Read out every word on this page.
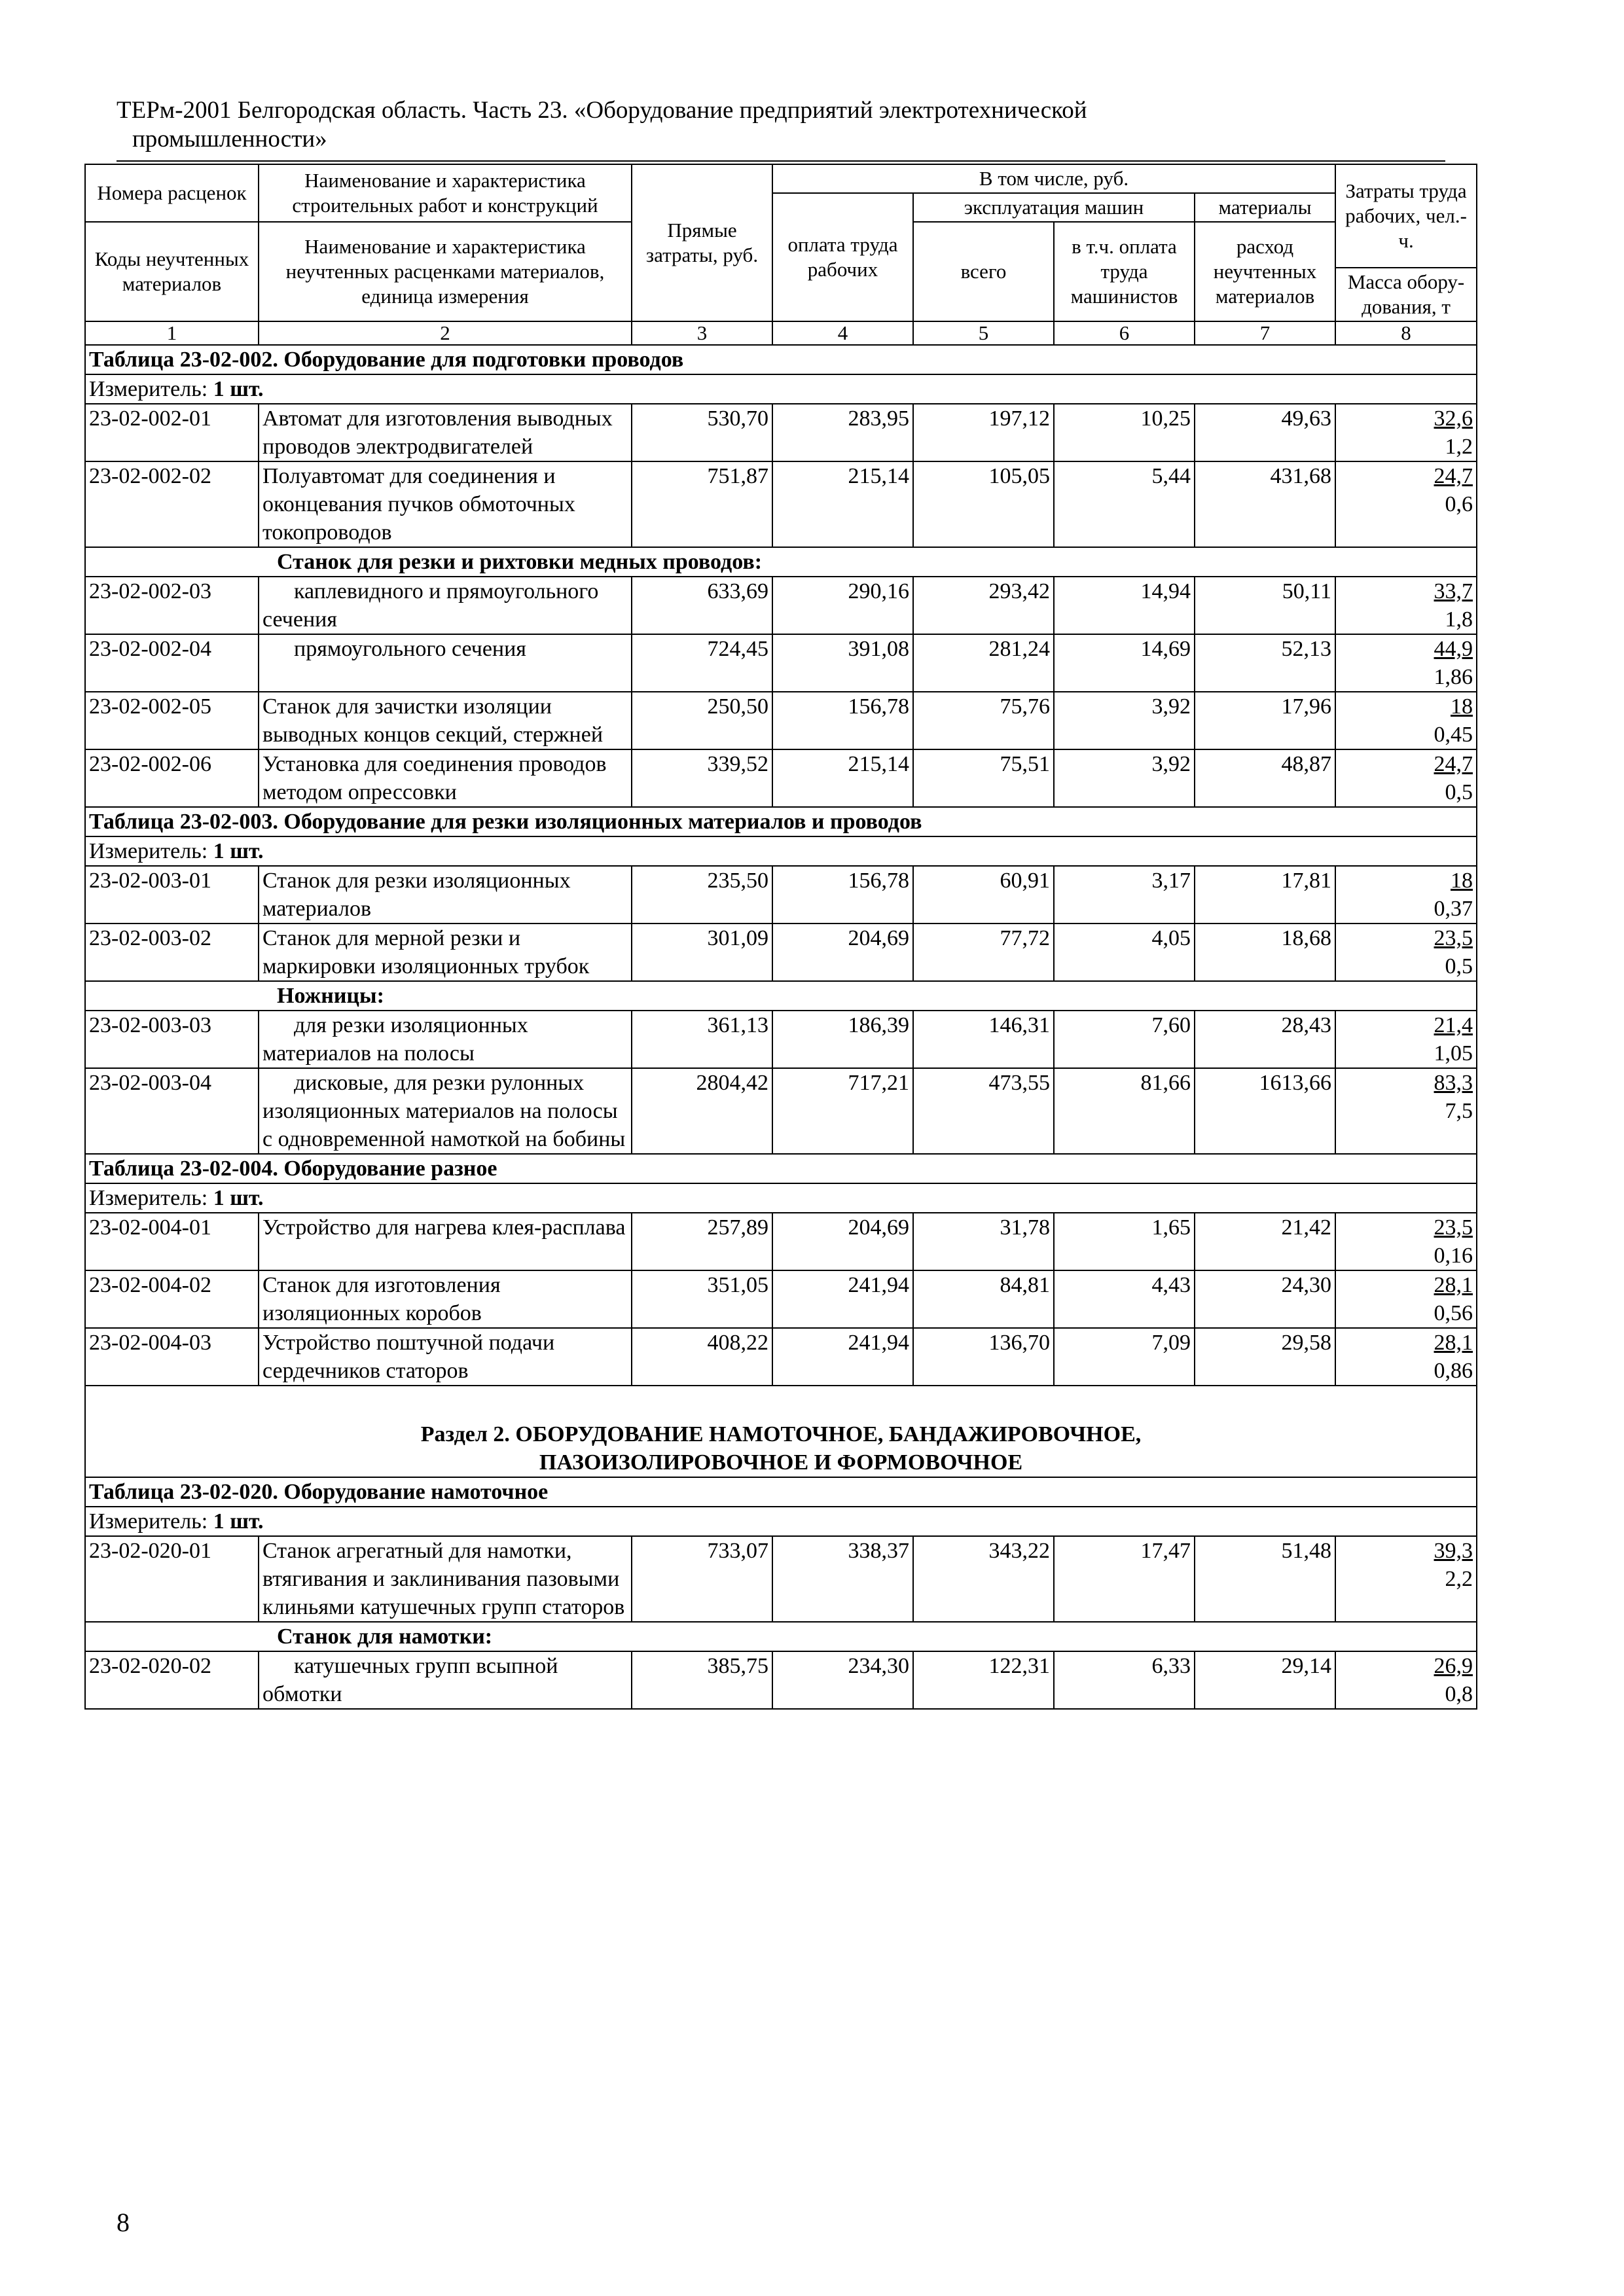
ТЕРм-2001 Белгородская область. Часть 23. «Оборудование предприятий электротехнической
промышленности»
Номера расценок	Наименование и характеристика строительных работ и конструкций	Прямые затраты, руб.	В том числе, руб.				Затраты труда рабочих, чел.-ч.
			оплата труда рабочих	эксплуатация машин		материалы	
Коды неучтенных материалов	Наименование и характеристика неучтенных расценками материалов, единица измерения			всего	в т.ч. оплата труда машинистов	расход неучтенных материалов	
							Масса обору-дования, т
1	2	3	4	5	6	7	8
Таблица 23-02-002. Оборудование для подготовки проводов							
Измеритель: 1 шт.							
23-02-002-01	Автомат для изготовления выводных проводов электродвигателей	530,70	283,95	197,12	10,25	49,63	32,6
1,2

23-02-002-02	Полуавтомат для соединения и оконцевания пучков обмоточных токопроводов	751,87	215,14	105,05	5,44	431,68	24,7
0,6

Станок для резки и рихтовки медных проводов:							
23-02-002-03	каплевидного и прямоугольного сечения	633,69	290,16	293,42	14,94	50,11	33,7
1,8

23-02-002-04	прямоугольного сечения	724,45	391,08	281,24	14,69	52,13	44,9
1,86

23-02-002-05	Станок для зачистки изоляции выводных концов секций, стержней	250,50	156,78	75,76	3,92	17,96	18
0,45

23-02-002-06	Установка для соединения проводов методом опрессовки	339,52	215,14	75,51	3,92	48,87	24,7
0,5

Таблица 23-02-003. Оборудование для резки изоляционных материалов и проводов							
Измеритель: 1 шт.							
23-02-003-01	Станок для резки изоляционных материалов	235,50	156,78	60,91	3,17	17,81	18
0,37

23-02-003-02	Станок для мерной резки и маркировки изоляционных трубок	301,09	204,69	77,72	4,05	18,68	23,5
0,5

Ножницы:							
23-02-003-03	для резки изоляционных материалов на полосы	361,13	186,39	146,31	7,60	28,43	21,4
1,05

23-02-003-04	дисковые, для резки рулонных изоляционных материалов на полосы с одновременной намоткой на бобины	2804,42	717,21	473,55	81,66	1613,66	83,3
7,5

Таблица 23-02-004. Оборудование разное							
Измеритель: 1 шт.							
23-02-004-01	Устройство для нагрева клея-расплава	257,89	204,69	31,78	1,65	21,42	23,5
0,16

23-02-004-02	Станок для изготовления изоляционных коробов	351,05	241,94	84,81	4,43	24,30	28,1
0,56

23-02-004-03	Устройство поштучной подачи сердечников статоров	408,22	241,94	136,70	7,09	29,58	28,1
0,86

Раздел 2. ОБОРУДОВАНИЕ НАМОТОЧНОЕ, БАНДАЖИРОВОЧНОЕ,
ПАЗОИЗОЛИРОВОЧНОЕ И ФОРМОВОЧНОЕ							

Таблица 23-02-020. Оборудование намоточное							
Измеритель: 1 шт.							
23-02-020-01	Станок агрегатный для намотки, втягивания и заклинивания пазовыми клиньями катушечных групп статоров	733,07	338,37	343,22	17,47	51,48	39,3
2,2

Станок для намотки:							
23-02-020-02	катушечных групп всыпной обмотки	385,75	234,30	122,31	6,33	29,14	26,9
0,8
8
